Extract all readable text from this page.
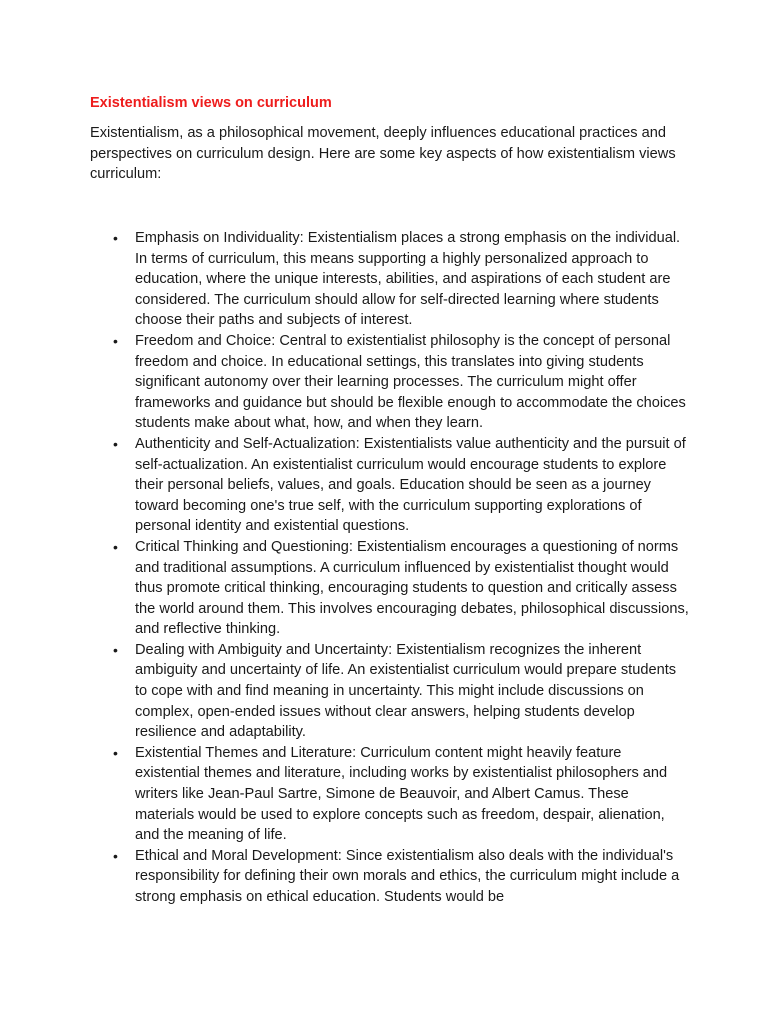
Existentialism views on curriculum

Existentialism, as a philosophical movement, deeply influences educational practices and perspectives on curriculum design. Here are some key aspects of how existentialism views curriculum:

• Emphasis on Individuality: Existentialism places a strong emphasis on the individual. In terms of curriculum, this means supporting a highly personalized approach to education, where the unique interests, abilities, and aspirations of each student are considered. The curriculum should allow for self-directed learning where students choose their paths and subjects of interest.
• Freedom and Choice: Central to existentialist philosophy is the concept of personal freedom and choice. In educational settings, this translates into giving students significant autonomy over their learning processes. The curriculum might offer frameworks and guidance but should be flexible enough to accommodate the choices students make about what, how, and when they learn.
• Authenticity and Self-Actualization: Existentialists value authenticity and the pursuit of self-actualization. An existentialist curriculum would encourage students to explore their personal beliefs, values, and goals. Education should be seen as a journey toward becoming one's true self, with the curriculum supporting explorations of personal identity and existential questions.
• Critical Thinking and Questioning: Existentialism encourages a questioning of norms and traditional assumptions. A curriculum influenced by existentialist thought would thus promote critical thinking, encouraging students to question and critically assess the world around them. This involves encouraging debates, philosophical discussions, and reflective thinking.
• Dealing with Ambiguity and Uncertainty: Existentialism recognizes the inherent ambiguity and uncertainty of life. An existentialist curriculum would prepare students to cope with and find meaning in uncertainty. This might include discussions on complex, open-ended issues without clear answers, helping students develop resilience and adaptability.
• Existential Themes and Literature: Curriculum content might heavily feature existential themes and literature, including works by existentialist philosophers and writers like Jean-Paul Sartre, Simone de Beauvoir, and Albert Camus. These materials would be used to explore concepts such as freedom, despair, alienation, and the meaning of life.
• Ethical and Moral Development: Since existentialism also deals with the individual's responsibility for defining their own morals and ethics, the curriculum might include a strong emphasis on ethical education. Students would be
